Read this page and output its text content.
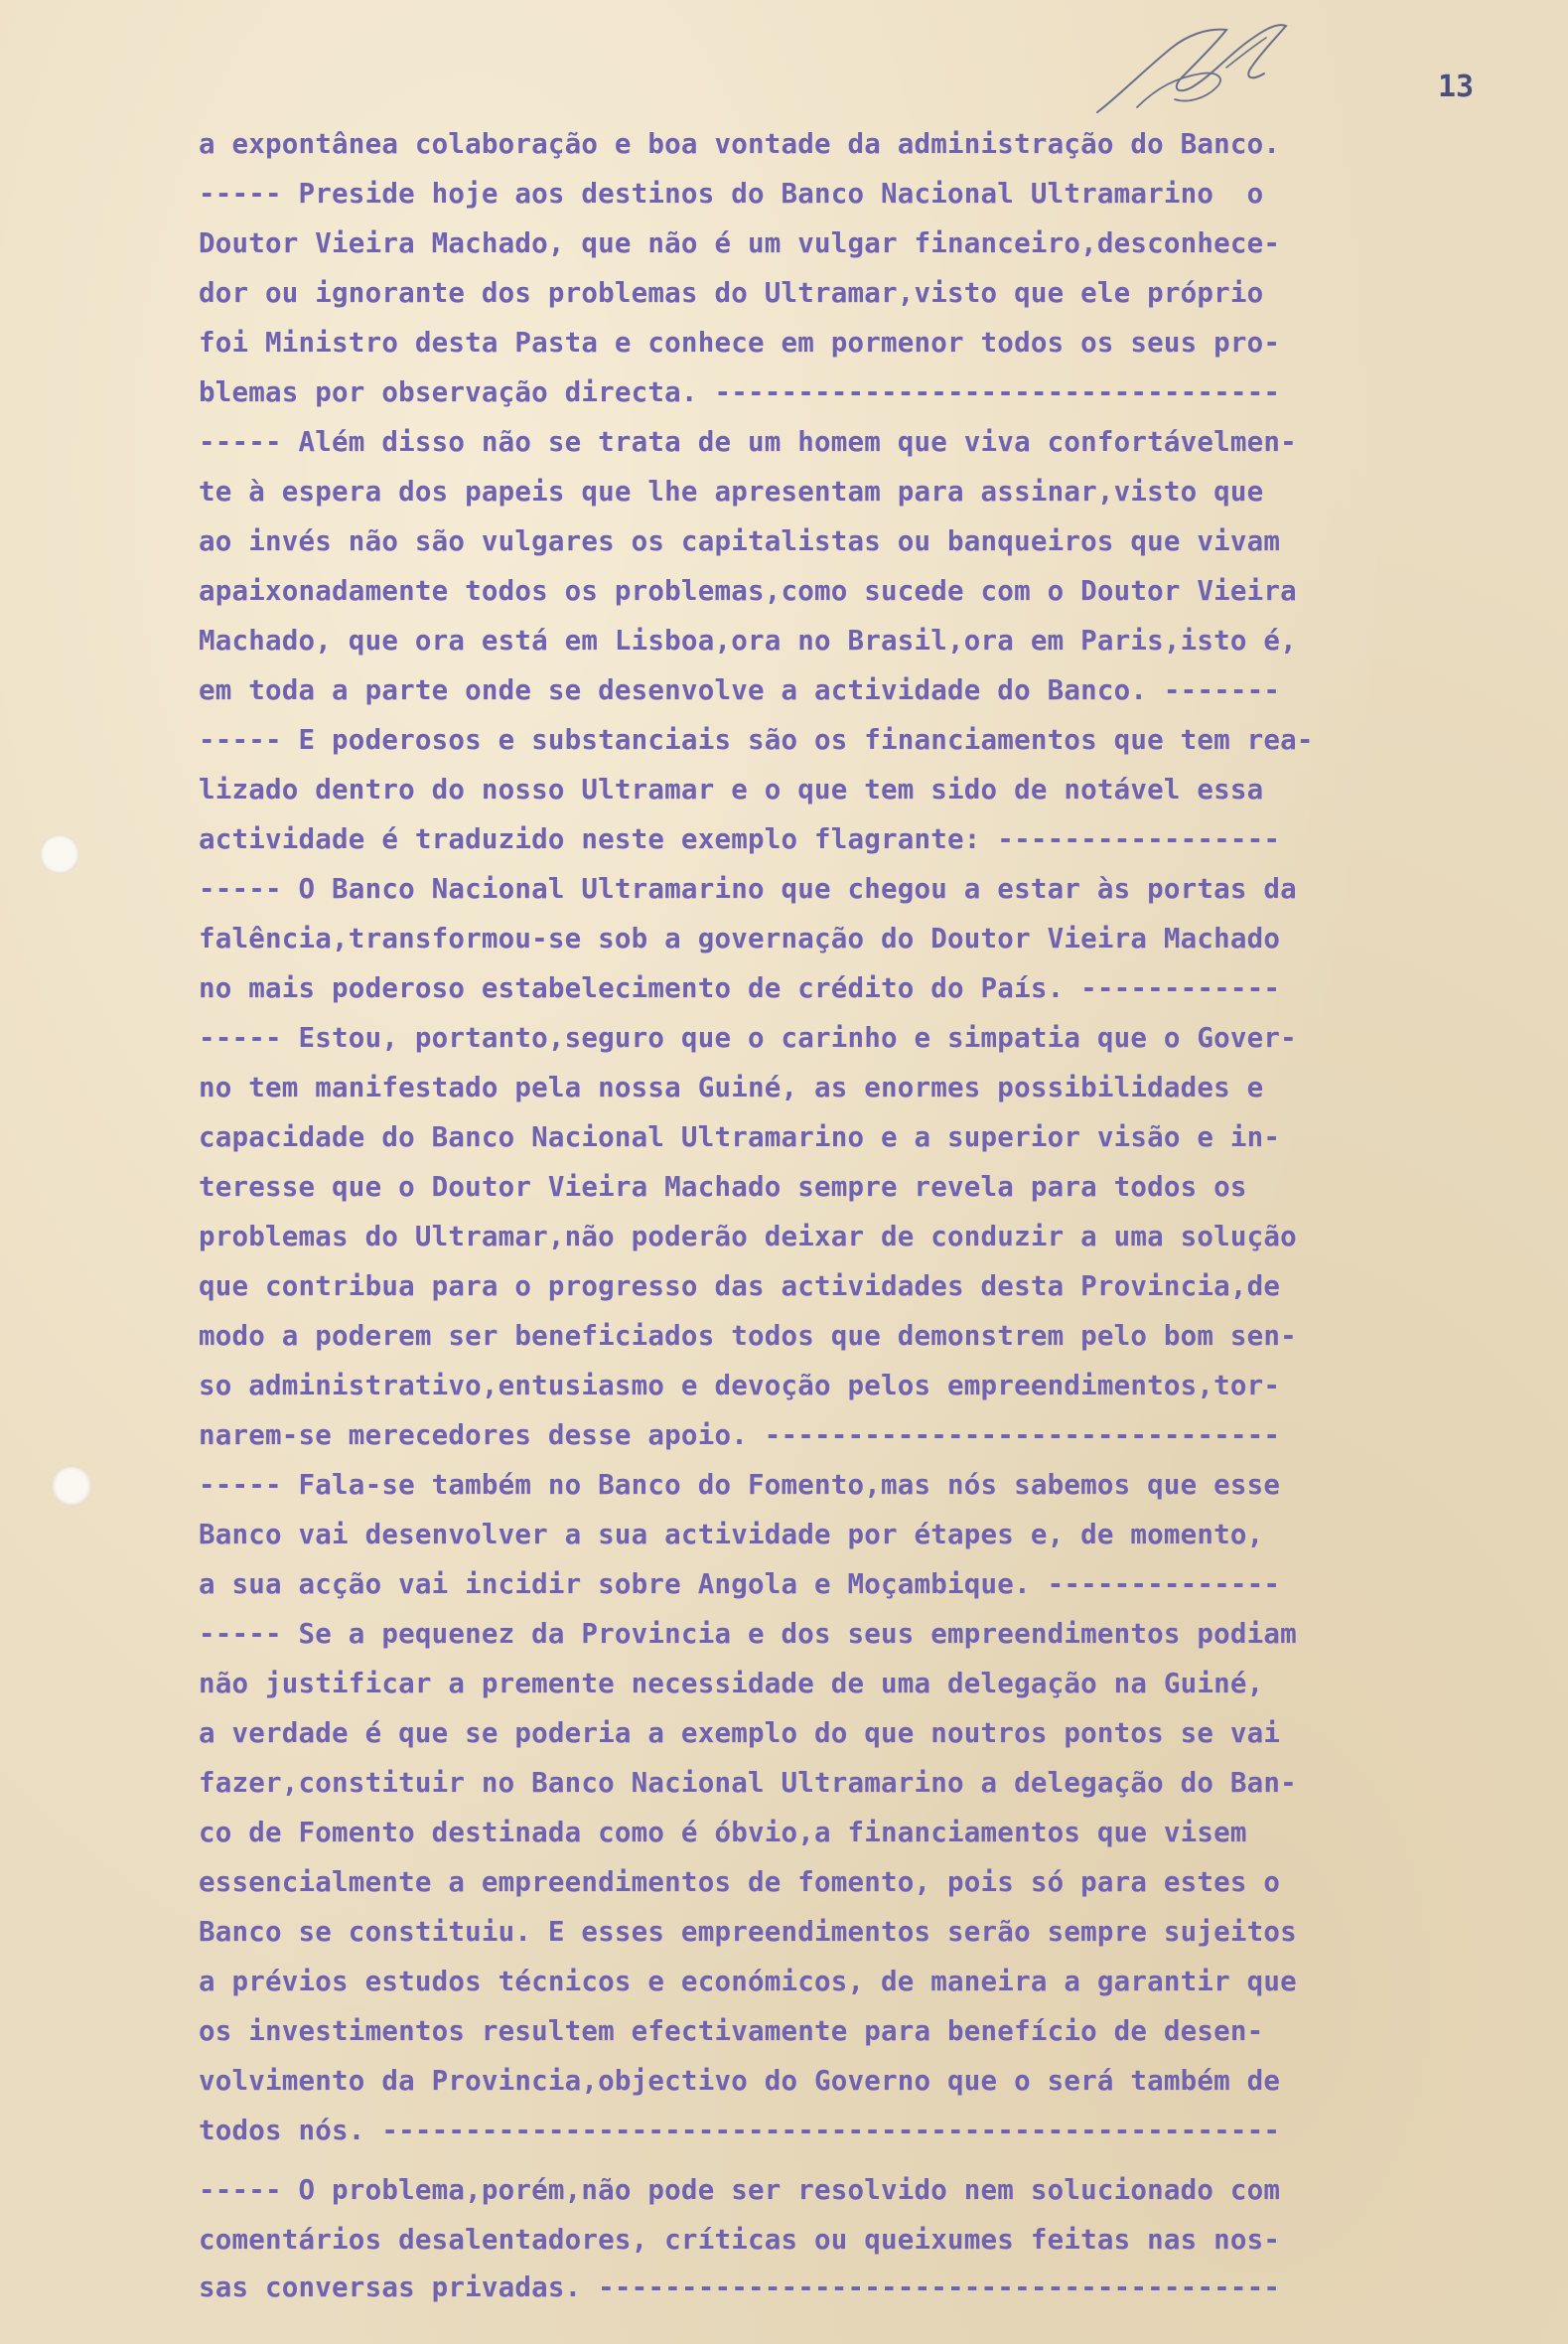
13
a expontânea colaboração e boa vontade da administração do Banco.
----- Preside hoje aos destinos do Banco Nacional Ultramarino  o
Doutor Vieira Machado, que não é um vulgar financeiro,desconhece-
dor ou ignorante dos problemas do Ultramar,visto que ele próprio
foi Ministro desta Pasta e conhece em pormenor todos os seus pro-
blemas por observação directa. ----------------------------------
----- Além disso não se trata de um homem que viva confortávelmen-
te à espera dos papeis que lhe apresentam para assinar,visto que
ao invés não são vulgares os capitalistas ou banqueiros que vivam
apaixonadamente todos os problemas,como sucede com o Doutor Vieira
Machado, que ora está em Lisboa,ora no Brasil,ora em Paris,isto é,
em toda a parte onde se desenvolve a actividade do Banco. -------
----- E poderosos e substanciais são os financiamentos que tem rea-
lizado dentro do nosso Ultramar e o que tem sido de notável essa
actividade é traduzido neste exemplo flagrante: -----------------
----- O Banco Nacional Ultramarino que chegou a estar às portas da
falência,transformou-se sob a governação do Doutor Vieira Machado
no mais poderoso estabelecimento de crédito do País. ------------
----- Estou, portanto,seguro que o carinho e simpatia que o Gover-
no tem manifestado pela nossa Guiné, as enormes possibilidades e
capacidade do Banco Nacional Ultramarino e a superior visão e in-
teresse que o Doutor Vieira Machado sempre revela para todos os
problemas do Ultramar,não poderão deixar de conduzir a uma solução
que contribua para o progresso das actividades desta Provincia,de
modo a poderem ser beneficiados todos que demonstrem pelo bom sen-
so administrativo,entusiasmo e devoção pelos empreendimentos,tor-
narem-se merecedores desse apoio. -------------------------------
----- Fala-se também no Banco do Fomento,mas nós sabemos que esse
Banco vai desenvolver a sua actividade por étapes e, de momento,
a sua acção vai incidir sobre Angola e Moçambique. --------------
----- Se a pequenez da Provincia e dos seus empreendimentos podiam
não justificar a premente necessidade de uma delegação na Guiné,
a verdade é que se poderia a exemplo do que noutros pontos se vai
fazer,constituir no Banco Nacional Ultramarino a delegação do Ban-
co de Fomento destinada como é óbvio,a financiamentos que visem
essencialmente a empreendimentos de fomento, pois só para estes o
Banco se constituiu. E esses empreendimentos serão sempre sujeitos
a prévios estudos técnicos e económicos, de maneira a garantir que
os investimentos resultem efectivamente para benefício de desen-
volvimento da Provincia,objectivo do Governo que o será também de
todos nós. ------------------------------------------------------
----- O problema,porém,não pode ser resolvido nem solucionado com
comentários desalentadores, críticas ou queixumes feitas nas nos-
sas conversas privadas. -----------------------------------------
